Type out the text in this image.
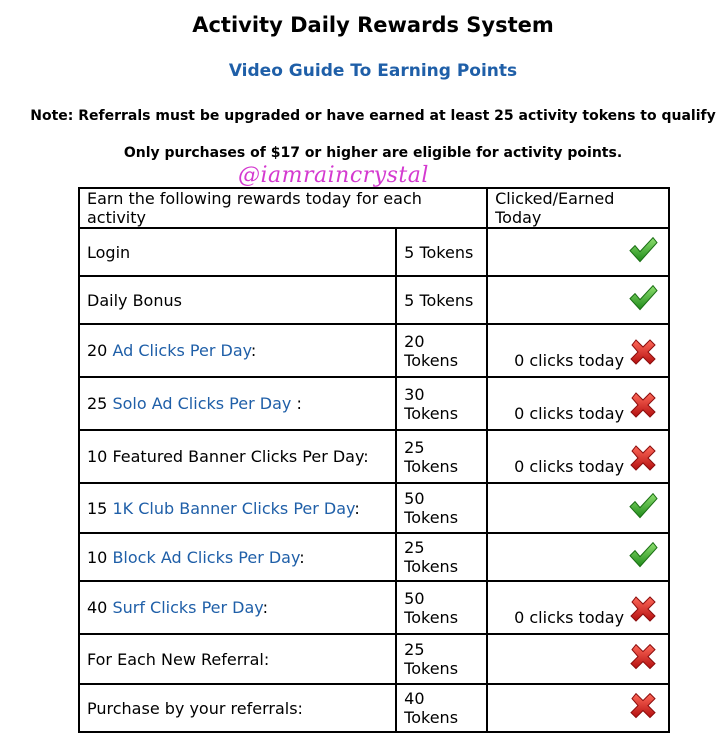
Activity Daily Rewards System
Video Guide To Earning Points
Note: Referrals must be upgraded or have earned at least 25 activity tokens to qualify
Only purchases of $17 or higher are eligible for activity points.
@iamraincrystal
Earn the following rewards today for each activity		Clicked/Earned Today
Login	5 Tokens	

Daily Bonus	5 Tokens	

20 Ad Clicks Per Day:	20 Tokens	0 clicks today

25 Solo Ad Clicks Per Day :	30 Tokens	0 clicks today

10 Featured Banner Clicks Per Day:	25 Tokens	0 clicks today

15 1K Club Banner Clicks Per Day:	50 Tokens	

10 Block Ad Clicks Per Day:	25 Tokens	

40 Surf Clicks Per Day:	50 Tokens	0 clicks today

For Each New Referral:	25 Tokens	

Purchase by your referrals:	40 Tokens	
